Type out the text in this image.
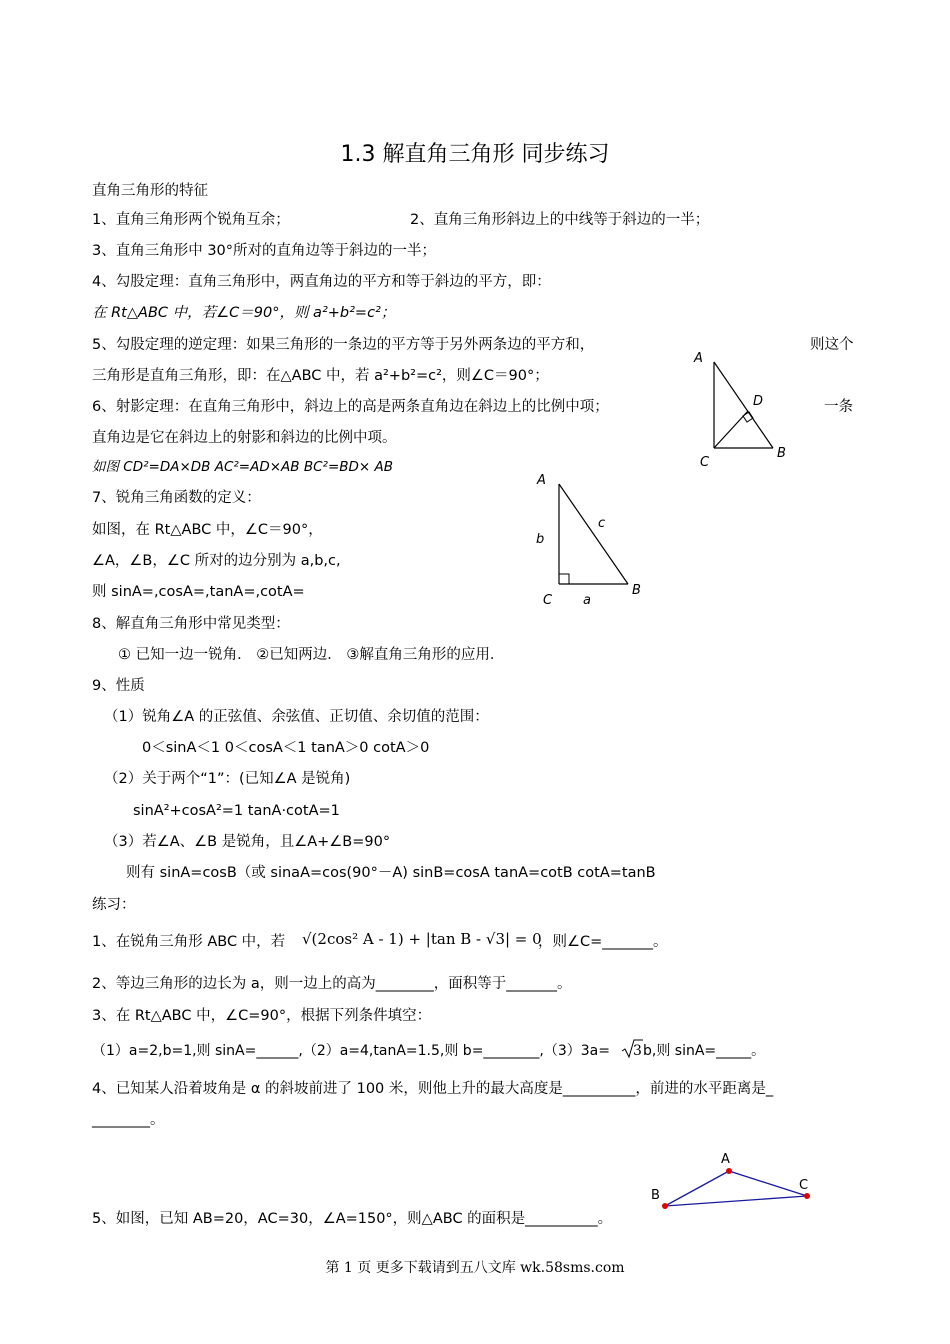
1.3 解直角三角形 同步练习
直角三角形的特征
1、直角三角形两个锐角互余；	2、直角三角形斜边上的中线等于斜边的一半；
3、直角三角形中 30°所对的直角边等于斜边的一半；
4、勾股定理：直角三角形中，两直角边的平方和等于斜边的平方，即：
在 Rt△ABC 中，若∠C＝90°，则 a²+b²=c²；
5、勾股定理的逆定理：如果三角形的一条边的平方等于另外两条边的平方和，	则这个
三角形是直角三角形，即：在△ABC 中，若 a²+b²=c²，则∠C＝90°；
6、射影定理：在直角三角形中，斜边上的高是两条直角边在斜边上的比例中项；	一条
直角边是它在斜边上的射影和斜边的比例中项。
如图 CD²=DA×DB AC²=AD×AB BC²=BD× AB
7、锐角三角函数的定义：
如图，在 Rt△ABC 中，∠C＝90°，
∠A，∠B，∠C 所对的边分别为 a,b,c,
则 sinA=,cosA=,tanA=,cotA=
8、解直角三角形中常见类型：
① 已知一边一锐角． ②已知两边． ③解直角三角形的应用．
9、性质
（1）锐角∠A 的正弦值、余弦值、正切值、余切值的范围：
0＜sinA＜1 0＜cosA＜1 tanA＞0 cotA＞0
（2）关于两个“1”：(已知∠A 是锐角)
sinA²+cosA²=1 tanA·cotA=1
（3）若∠A、∠B 是锐角，且∠A+∠B=90°
则有 sinA=cosB（或 sinaA=cos(90°－A) sinB=cosA tanA=cotB cotA=tanB
练习：
1、在锐角三角形 ABC 中，若 √(2cos² A - 1) + |tan B - √3| = 0
，则∠C=_______。
2、等边三角形的边长为 a，则一边上的高为________，面积等于_______。
3、在 Rt△ABC 中，∠C=90°，根据下列条件填空：
（1）a=2,b=1,则 sinA=______,（2）a=4,tanA=1.5,则 b=________,（3）3a= 3 b,则 sinA=_____。
4、已知某人沿着坡角是 α 的斜坡前进了 100 米，则他上升的最大高度是__________，前进的水平距离是_
________。
5、如图，已知 AB=20，AC=30，∠A=150°，则△ABC 的面积是__________。
A
D
C
B
A
c
b
C a
B
A
B
C
第 1 页 更多下载请到五八文库 wk.58sms.com
